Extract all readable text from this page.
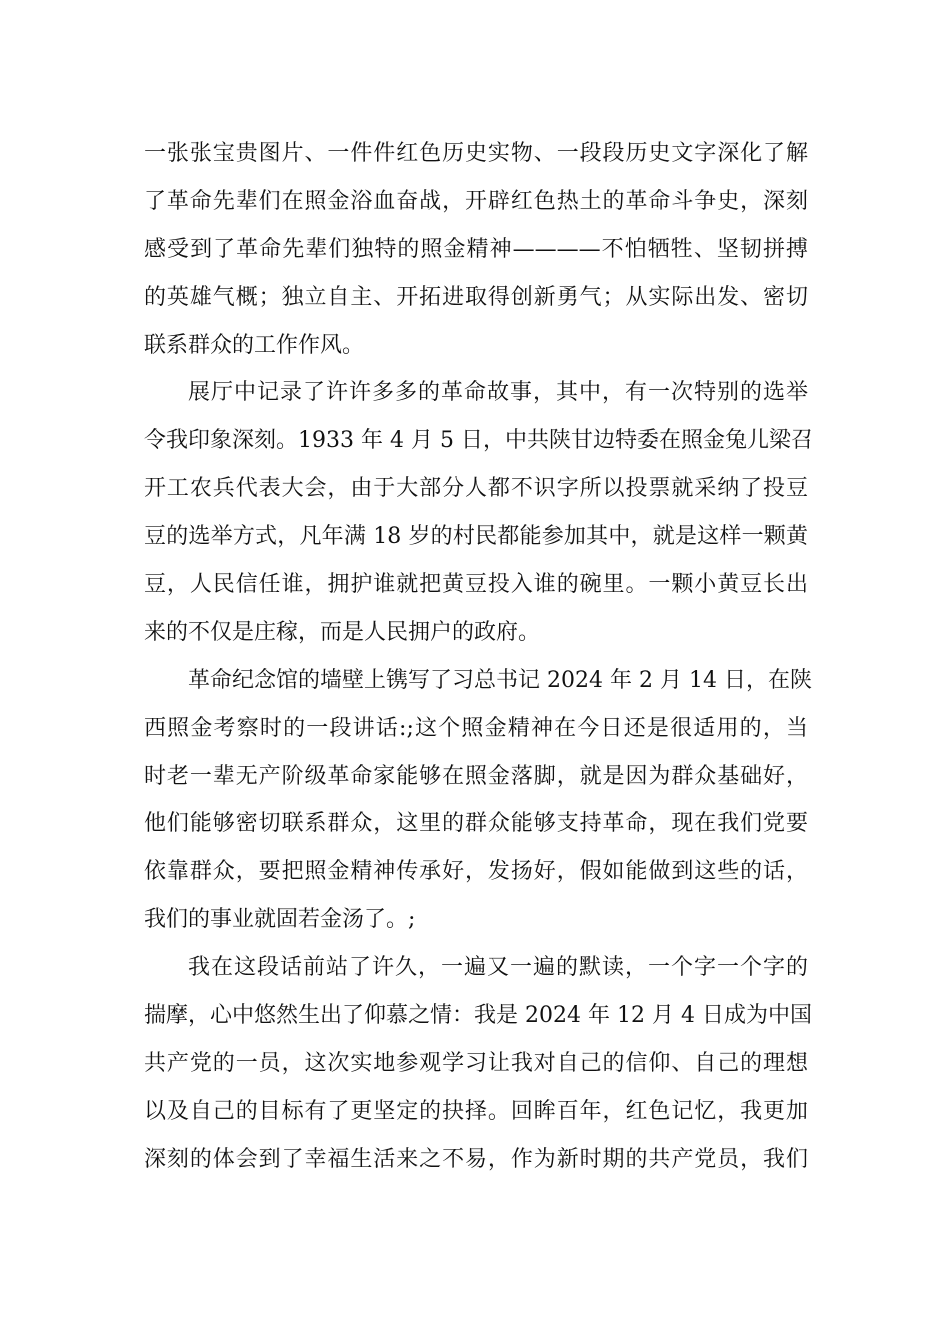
一张张宝贵图片、一件件红色历史实物、一段段历史文字深化了解
了革命先辈们在照金浴血奋战，开辟红色热土的革命斗争史，深刻
感受到了革命先辈们独特的照金精神————不怕牺牲、坚韧拼搏
的英雄气概；独立自主、开拓进取得创新勇气；从实际出发、密切
联系群众的工作作风。
展厅中记录了许许多多的革命故事，其中，有一次特别的选举
令我印象深刻。1933 年 4 月 5 日，中共陕甘边特委在照金兔儿梁召
开工农兵代表大会，由于大部分人都不识字所以投票就采纳了投豆
豆的选举方式，凡年满 18 岁的村民都能参加其中，就是这样一颗黄
豆，人民信任谁，拥护谁就把黄豆投入谁的碗里。一颗小黄豆长出
来的不仅是庄稼，而是人民拥户的政府。
革命纪念馆的墙壁上镌写了习总书记 2024 年 2 月 14 日，在陕
西照金考察时的一段讲话:;这个照金精神在今日还是很适用的，当
时老一辈无产阶级革命家能够在照金落脚，就是因为群众基础好，
他们能够密切联系群众，这里的群众能够支持革命，现在我们党要
依靠群众，要把照金精神传承好，发扬好，假如能做到这些的话，
我们的事业就固若金汤了。;
我在这段话前站了许久，一遍又一遍的默读，一个字一个字的
揣摩，心中悠然生出了仰慕之情：我是 2024 年 12 月 4 日成为中国
共产党的一员，这次实地参观学习让我对自己的信仰、自己的理想
以及自己的目标有了更坚定的抉择。回眸百年，红色记忆，我更加
深刻的体会到了幸福生活来之不易，作为新时期的共产党员，我们
